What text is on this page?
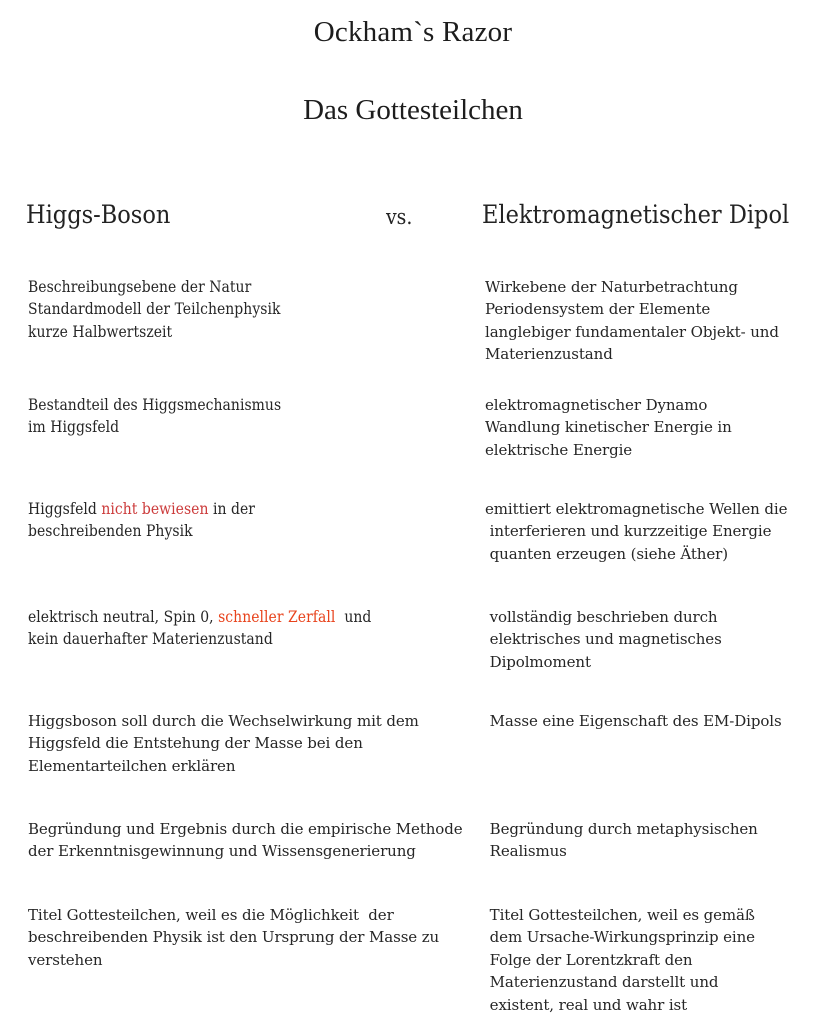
Ockham`s Razor
Das Gottesteilchen
Higgs-Boson	vs.	Elektromagnetischer Dipol
Beschreibungsebene der Natur
Standardmodell der Teilchenphysik
kurze Halbwertszeit
Bestandteil des Higgsmechanismus
im Higgsfeld
Higgsfeld nicht bewiesen in der
beschreibenden Physik
elektrisch neutral, Spin 0, schneller Zerfall  und
kein dauerhafter Materienzustand
Higgsboson soll durch die Wechselwirkung mit dem
Higgsfeld die Entstehung der Masse bei den
Elementarteilchen erklären
Begründung und Ergebnis durch die empirische Methode
der Erkenntnisgewinnung und Wissensgenerierung
Titel Gottesteilchen, weil es die Möglichkeit  der
beschreibenden Physik ist den Ursprung der Masse zu
verstehen
Wirkebene der Naturbetrachtung
Periodensystem der Elemente
langlebiger fundamentaler Objekt- und
Materienzustand
elektromagnetischer Dynamo
Wandlung kinetischer Energie in
elektrische Energie
emittiert elektromagnetische Wellen die
interferieren und kurzzeitige Energie
quanten erzeugen (siehe Äther)
vollständig beschrieben durch
elektrisches und magnetisches
Dipolmoment
Masse eine Eigenschaft des EM-Dipols
Begründung durch metaphysischen
Realismus
Titel Gottesteilchen, weil es gemäß
dem Ursache-Wirkungsprinzip eine
Folge der Lorentzkraft den
Materienzustand darstellt und
existent, real und wahr ist
